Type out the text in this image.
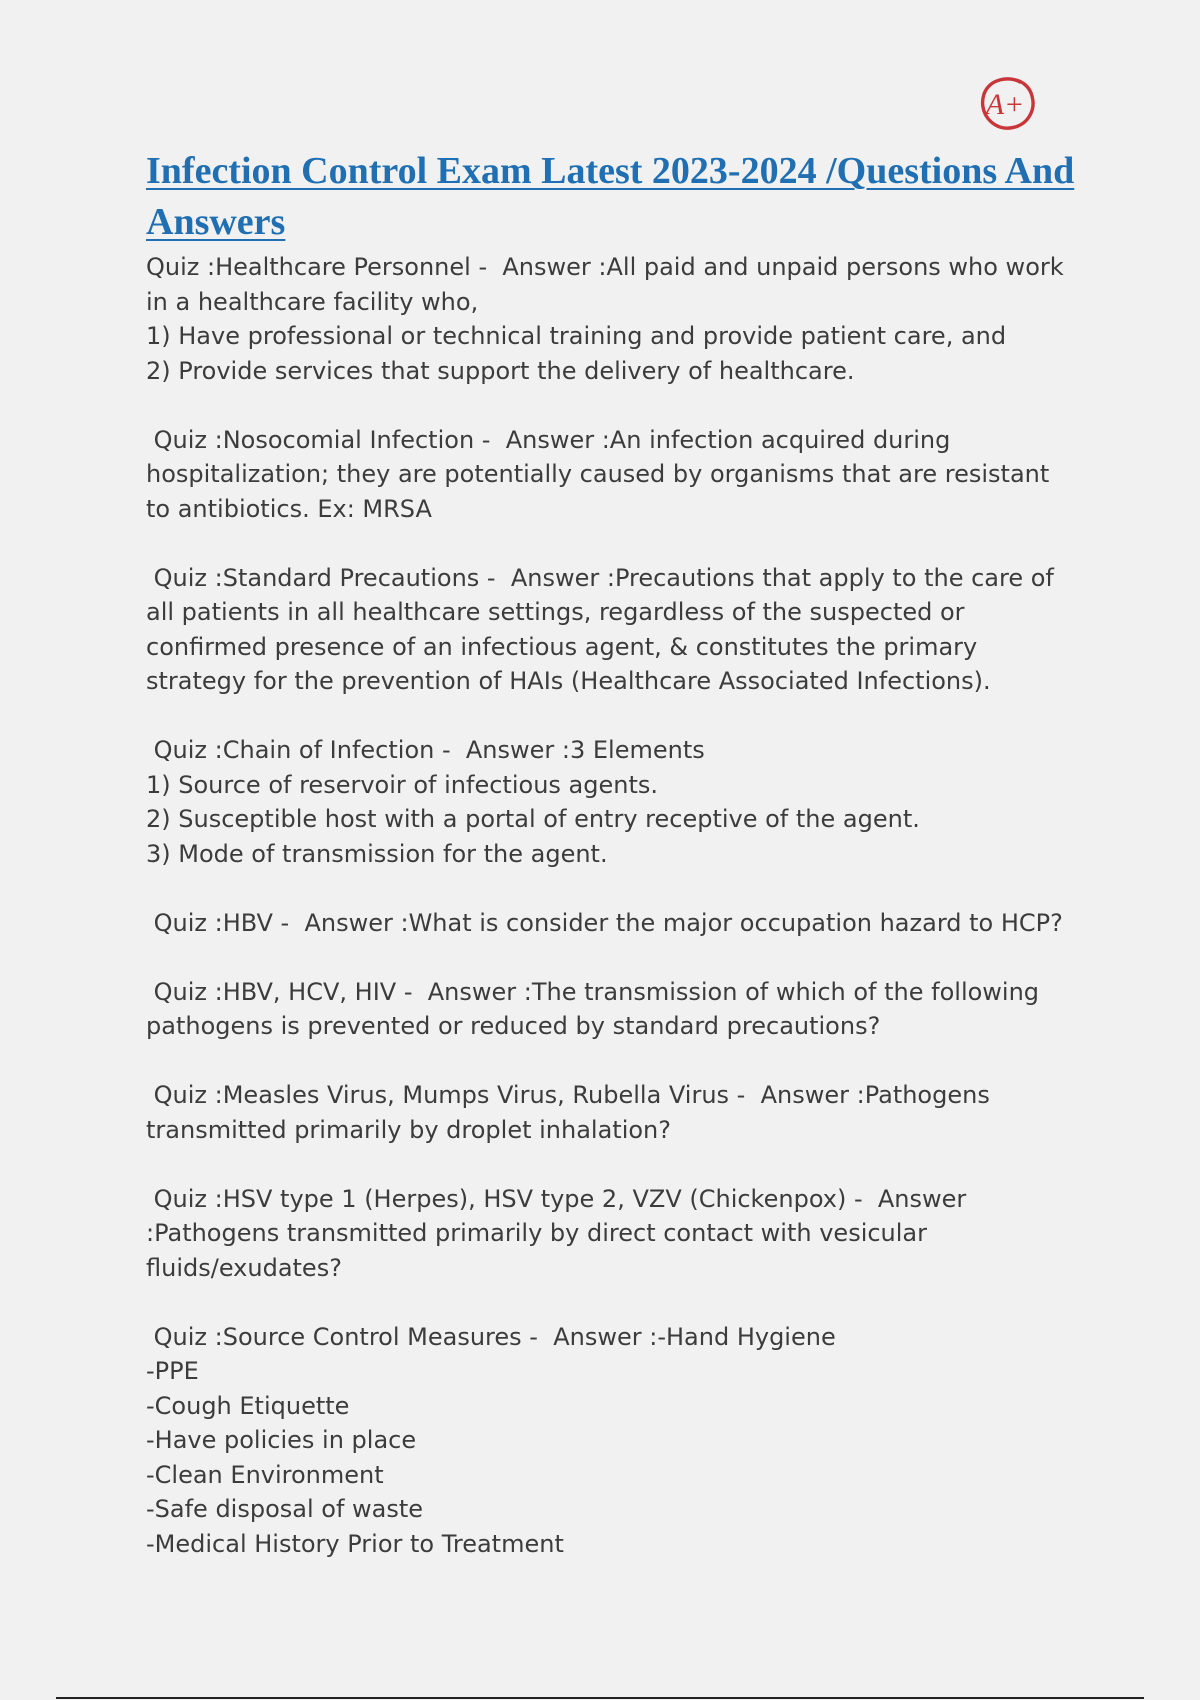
A+
Infection Control Exam Latest 2023-2024 /Questions And Answers
Quiz :Healthcare Personnel -  Answer :All paid and unpaid persons who work in a healthcare facility who,
1) Have professional or technical training and provide patient care, and
2) Provide services that support the delivery of healthcare.
Quiz :Nosocomial Infection -  Answer :An infection acquired during hospitalization; they are potentially caused by organisms that are resistant to antibiotics. Ex: MRSA
Quiz :Standard Precautions -  Answer :Precautions that apply to the care of all patients in all healthcare settings, regardless of the suspected or confirmed presence of an infectious agent, & constitutes the primary strategy for the prevention of HAIs (Healthcare Associated Infections).
Quiz :Chain of Infection -  Answer :3 Elements
1) Source of reservoir of infectious agents.
2) Susceptible host with a portal of entry receptive of the agent.
3) Mode of transmission for the agent.
Quiz :HBV -  Answer :What is consider the major occupation hazard to HCP?
Quiz :HBV, HCV, HIV -  Answer :The transmission of which of the following pathogens is prevented or reduced by standard precautions?
Quiz :Measles Virus, Mumps Virus, Rubella Virus -  Answer :Pathogens transmitted primarily by droplet inhalation?
Quiz :HSV type 1 (Herpes), HSV type 2, VZV (Chickenpox) -  Answer :Pathogens transmitted primarily by direct contact with vesicular fluids/exudates?
Quiz :Source Control Measures -  Answer :-Hand Hygiene
-PPE
-Cough Etiquette
-Have policies in place
-Clean Environment
-Safe disposal of waste
-Medical History Prior to Treatment
